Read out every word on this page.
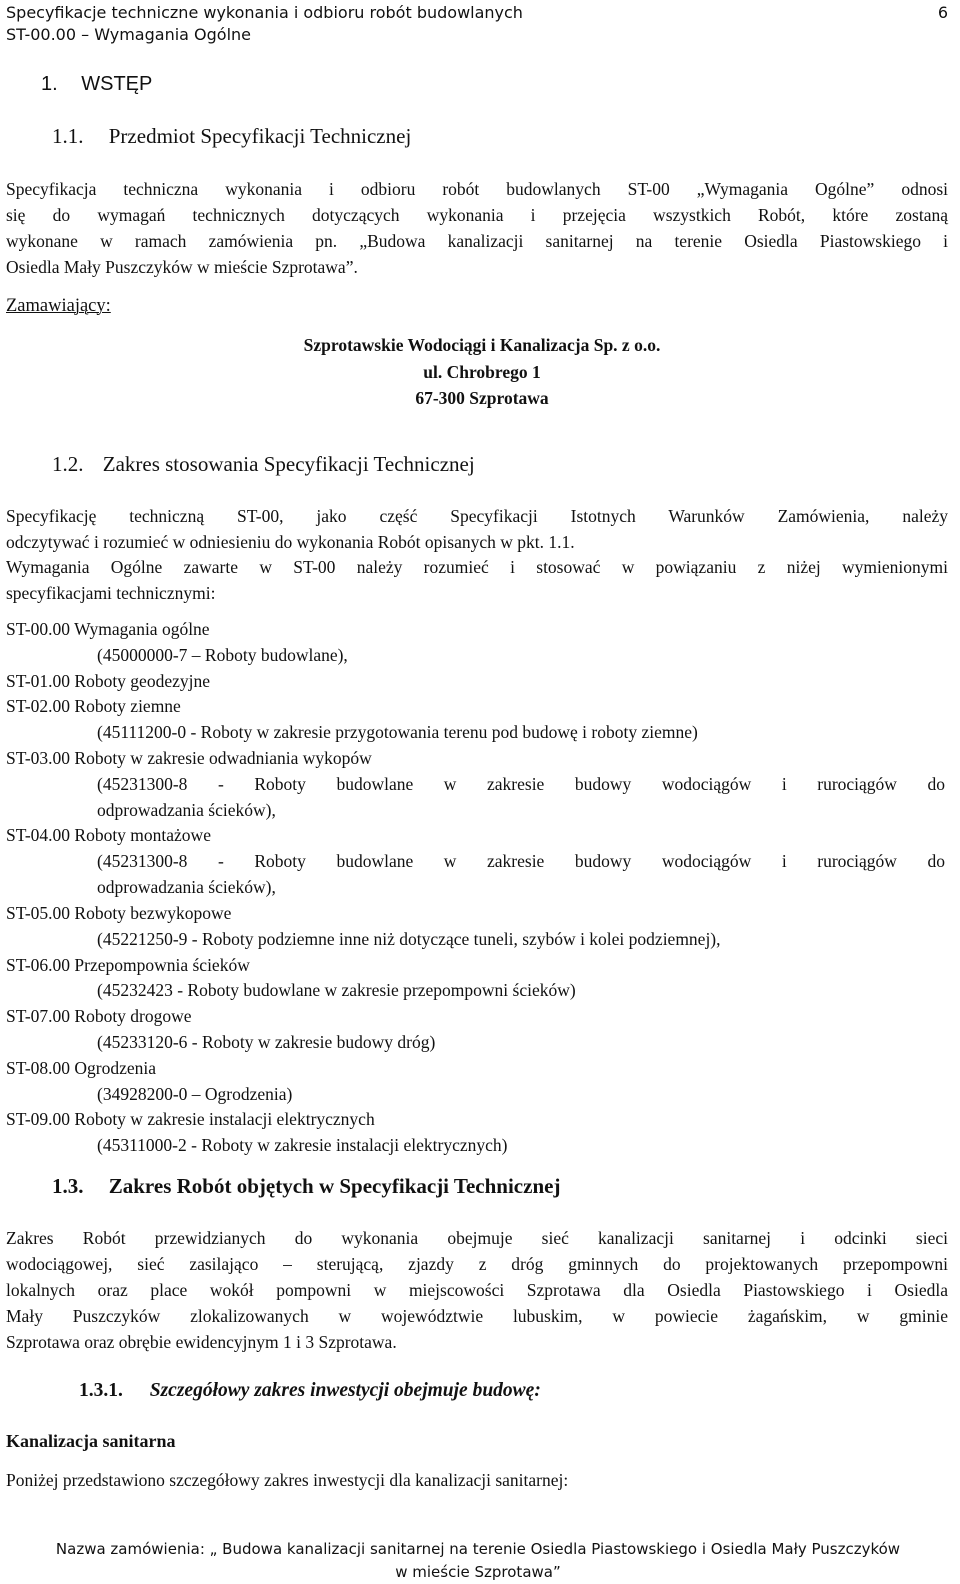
Specyfikacje techniczne wykonania i odbioru robót budowlanych
ST-00.00 – Wymagania Ogólne
6
1. WSTĘP
1.1. Przedmiot Specyfikacji Technicznej
Specyfikacja techniczna wykonania i odbioru robót budowlanych ST-00 „Wymagania Ogólne” odnosi
się do wymagań technicznych dotyczących wykonania i przejęcia wszystkich Robót, które zostaną
wykonane w ramach zamówienia pn. „Budowa kanalizacji sanitarnej na terenie Osiedla Piastowskiego i
Osiedla Mały Puszczyków w mieście Szprotawa”.
Zamawiający:
Szprotawskie Wodociągi i Kanalizacja Sp. z o.o.
ul. Chrobrego 1
67-300 Szprotawa
1.2. Zakres stosowania Specyfikacji Technicznej
Specyfikację techniczną ST-00, jako część Specyfikacji Istotnych Warunków Zamówienia, należy
odczytywać i rozumieć w odniesieniu do wykonania Robót opisanych w pkt. 1.1.
Wymagania Ogólne zawarte w ST-00 należy rozumieć i stosować w powiązaniu z niżej wymienionymi
specyfikacjami technicznymi:
ST-00.00 Wymagania ogólne
(45000000-7 – Roboty budowlane),
ST-01.00 Roboty geodezyjne
ST-02.00 Roboty ziemne
(45111200-0 - Roboty w zakresie przygotowania terenu pod budowę i roboty ziemne)
ST-03.00 Roboty w zakresie odwadniania wykopów
(45231300-8 - Roboty budowlane w zakresie budowy wodociągów i rurociągów do
odprowadzania ścieków),
ST-04.00 Roboty montażowe
(45231300-8 - Roboty budowlane w zakresie budowy wodociągów i rurociągów do
odprowadzania ścieków),
ST-05.00 Roboty bezwykopowe
(45221250-9 - Roboty podziemne inne niż dotyczące tuneli, szybów i kolei podziemnej),
ST-06.00 Przepompownia ścieków
(45232423 - Roboty budowlane w zakresie przepompowni ścieków)
ST-07.00 Roboty drogowe
(45233120-6 - Roboty w zakresie budowy dróg)
ST-08.00 Ogrodzenia
(34928200-0 – Ogrodzenia)
ST-09.00 Roboty w zakresie instalacji elektrycznych
(45311000-2 - Roboty w zakresie instalacji elektrycznych)
1.3. Zakres Robót objętych w Specyfikacji Technicznej
Zakres Robót przewidzianych do wykonania obejmuje sieć kanalizacji sanitarnej i odcinki sieci
wodociągowej, sieć zasilająco – sterującą, zjazdy z dróg gminnych do projektowanych przepompowni
lokalnych oraz place wokół pompowni w miejscowości Szprotawa dla Osiedla Piastowskiego i Osiedla
Mały Puszczyków zlokalizowanych w województwie lubuskim, w powiecie żagańskim, w gminie
Szprotawa oraz obrębie ewidencyjnym 1 i 3 Szprotawa.
1.3.1. Szczegółowy zakres inwestycji obejmuje budowę:
Kanalizacja sanitarna
Poniżej przedstawiono szczegółowy zakres inwestycji dla kanalizacji sanitarnej:
Nazwa zamówienia: „ Budowa kanalizacji sanitarnej na terenie Osiedla Piastowskiego i Osiedla Mały Puszczyków
w mieście Szprotawa”
